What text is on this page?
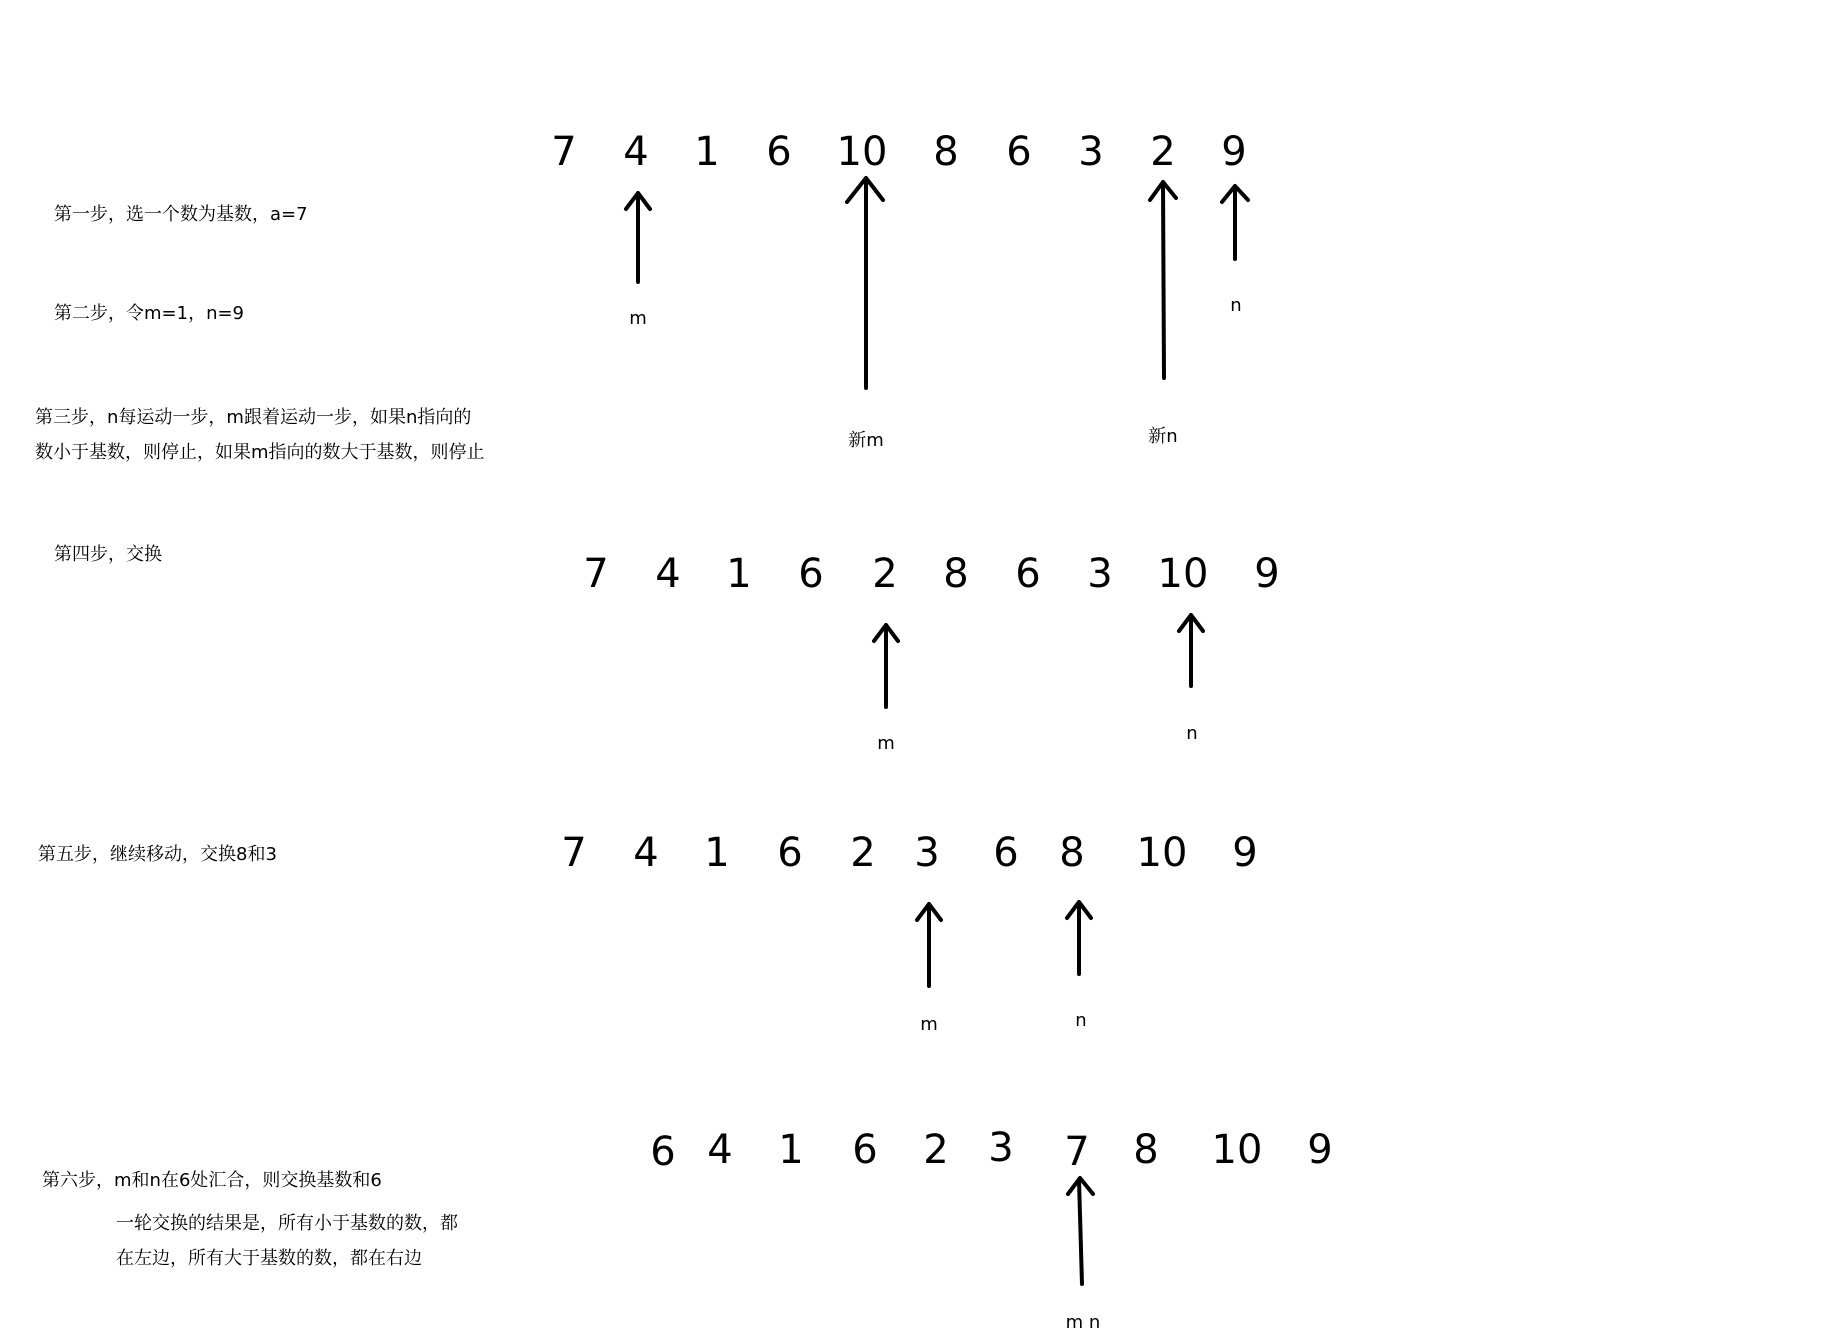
第一步，选一个数为基数，a=7
第二步，令m=1，n=9
第三步，n每运动一步，m跟着运动一步，如果n指向的
数小于基数，则停止，如果m指向的数大于基数，则停止
第四步，交换
第五步，继续移动，交换8和3
第六步，m和n在6处汇合，则交换基数和6
一轮交换的结果是，所有小于基数的数，都
在左边，所有大于基数的数，都在右边
7 4 1 6 10 8 6 3 2 9
m
新m	新n
n
7 4 1 6 2 8 6 3 10 9
m	n
7 4 1 6 2 3 6 8 10 9
m	n
6 4 1 6 2 3 7 8 10 9
m n
